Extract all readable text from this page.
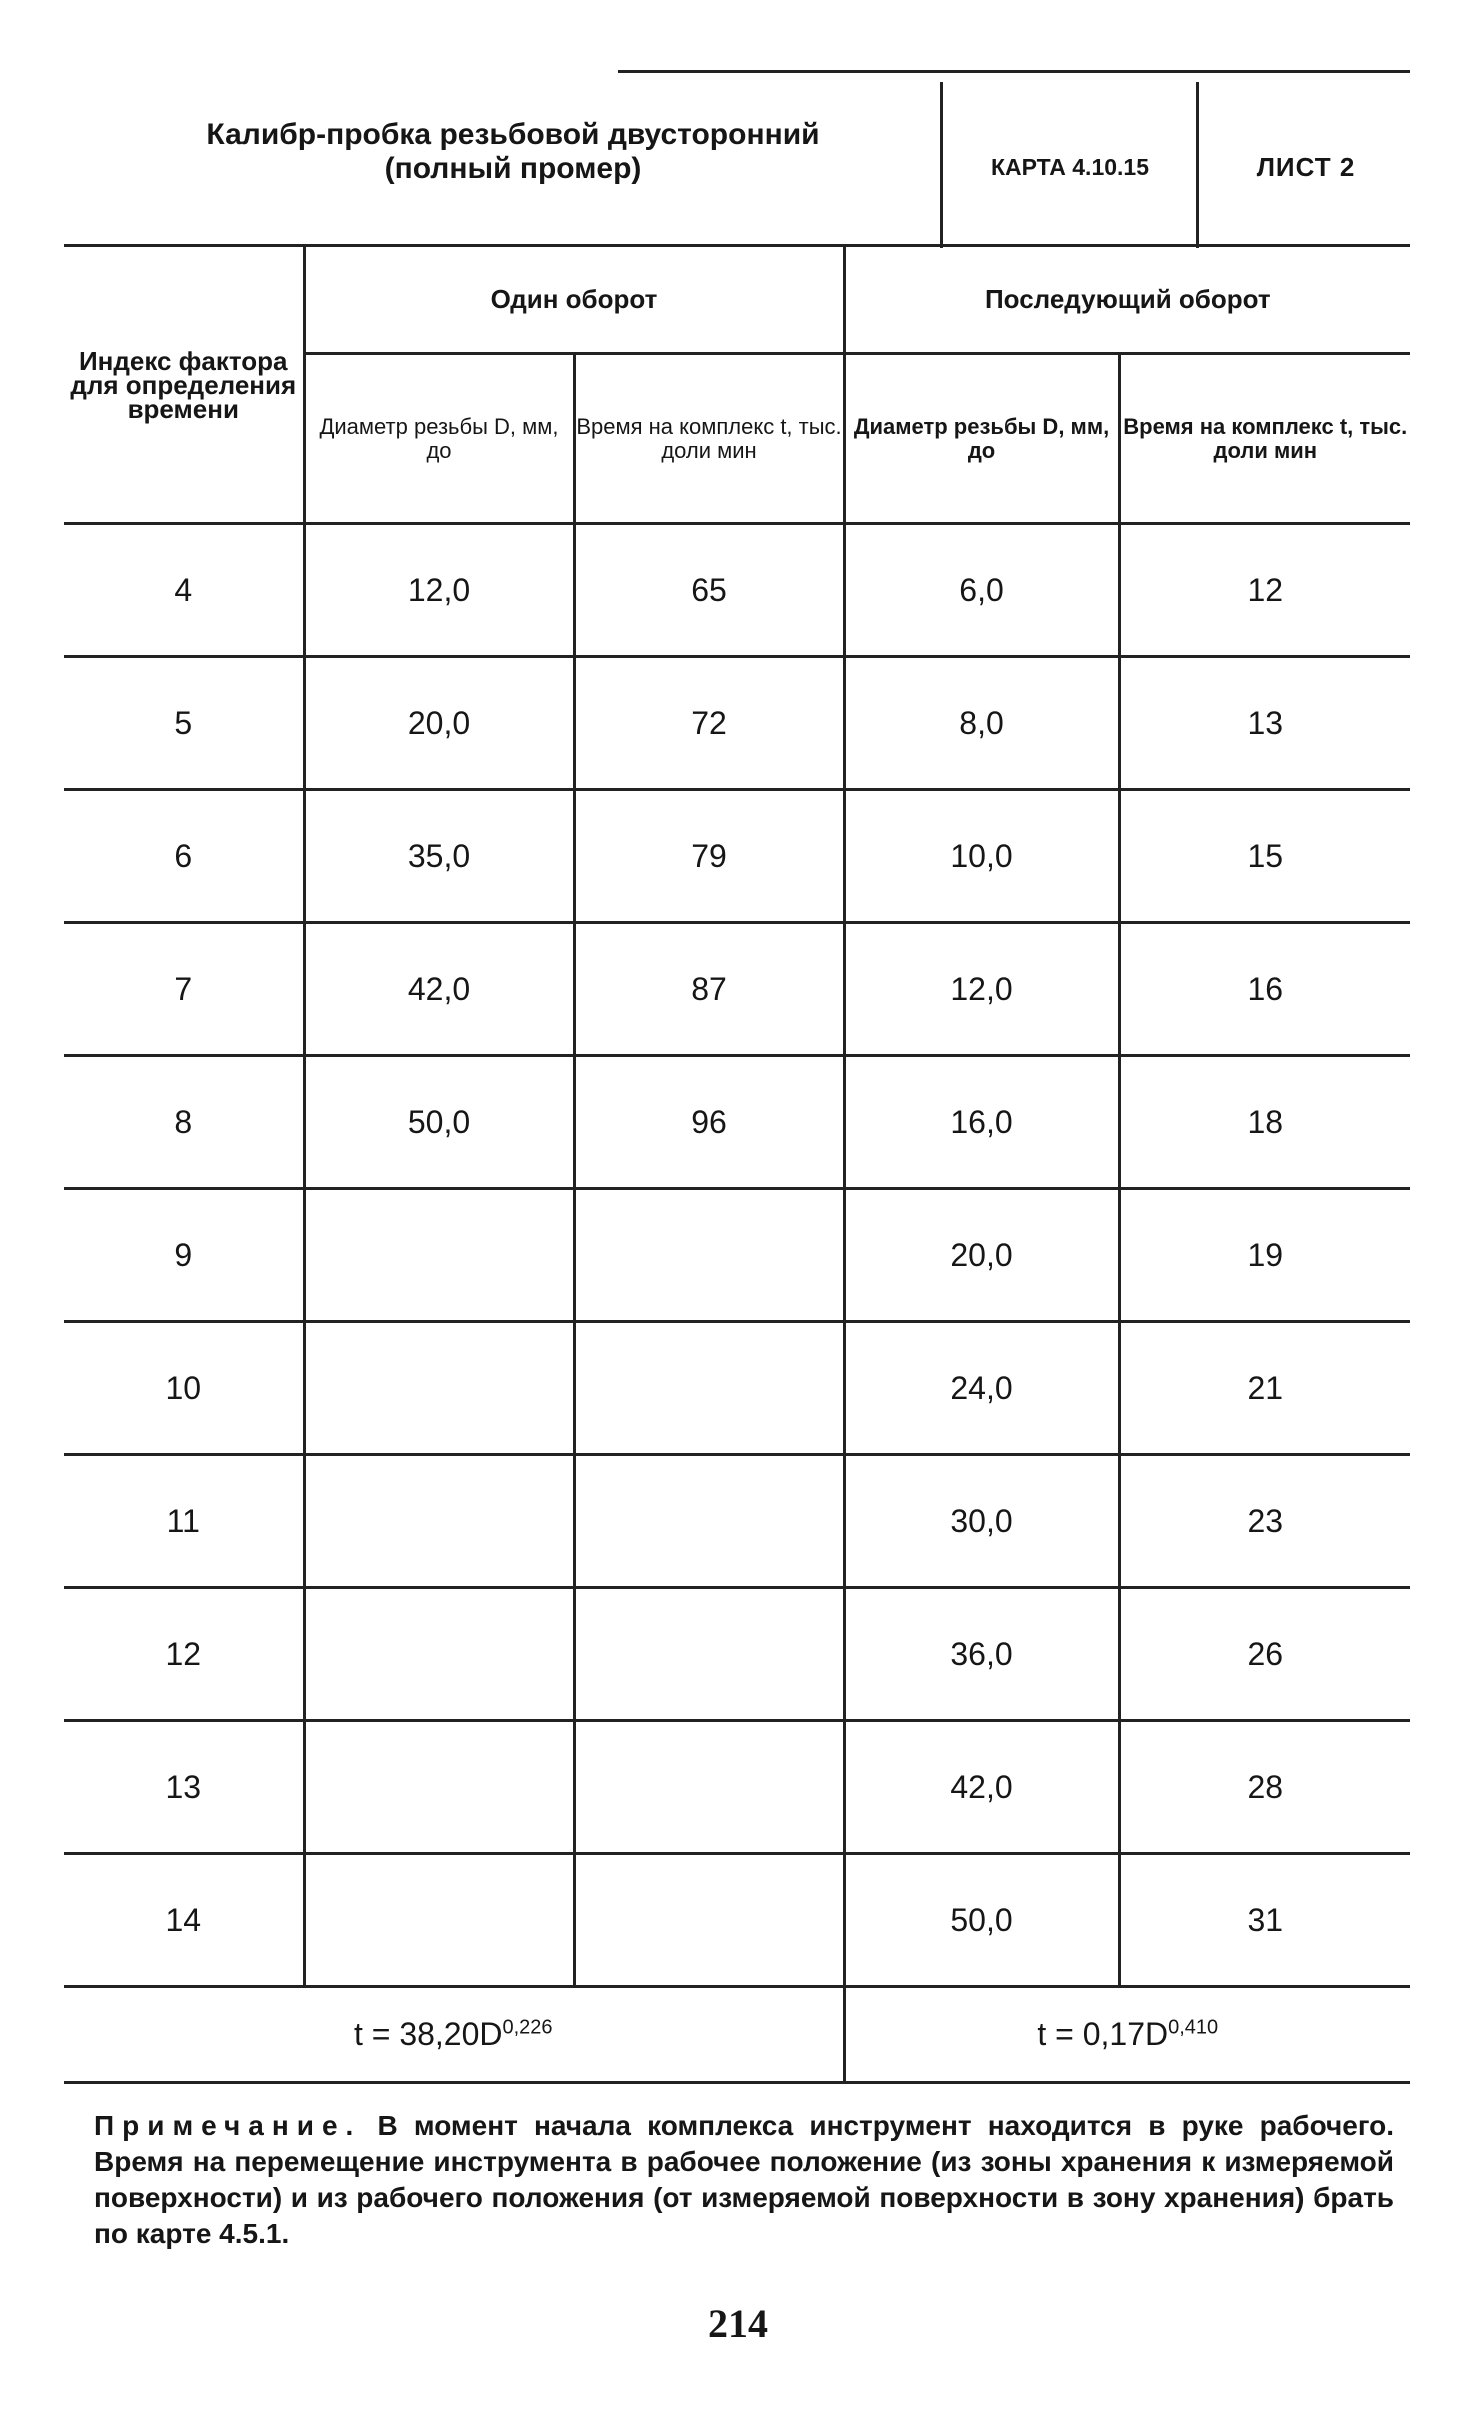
Калибр-пробка резьбовой двусторонний
(полный промер)	КАРТА 4.10.15	ЛИСТ 2
Индекс фактора для определения времени	Один оборот		Последующий оборот	
	Диаметр резьбы D, мм, до	Время на комплекс t, тыс. доли мин	Диаметр резьбы D, мм, до	Время на комплекс t, тыс. доли мин
4	12,0	65	6,0	12
5	20,0	72	8,0	13
6	35,0	79	10,0	15
7	42,0	87	12,0	16
8	50,0	96	16,0	18
9			20,0	19
10			24,0	21
11			30,0	23
12			36,0	26
13			42,0	28
14			50,0	31
$t = 38,20D^{0,226}$			$t = 0,17D^{0,410}$
Примечание. В момент начала комплекса инструмент находится в руке рабочего. Время на перемещение инструмента в рабочее положение (из зоны хранения к измеряемой поверхности) и из рабочего положения (от измеряемой поверхности в зону хранения) брать по карте 4.5.1.
214
